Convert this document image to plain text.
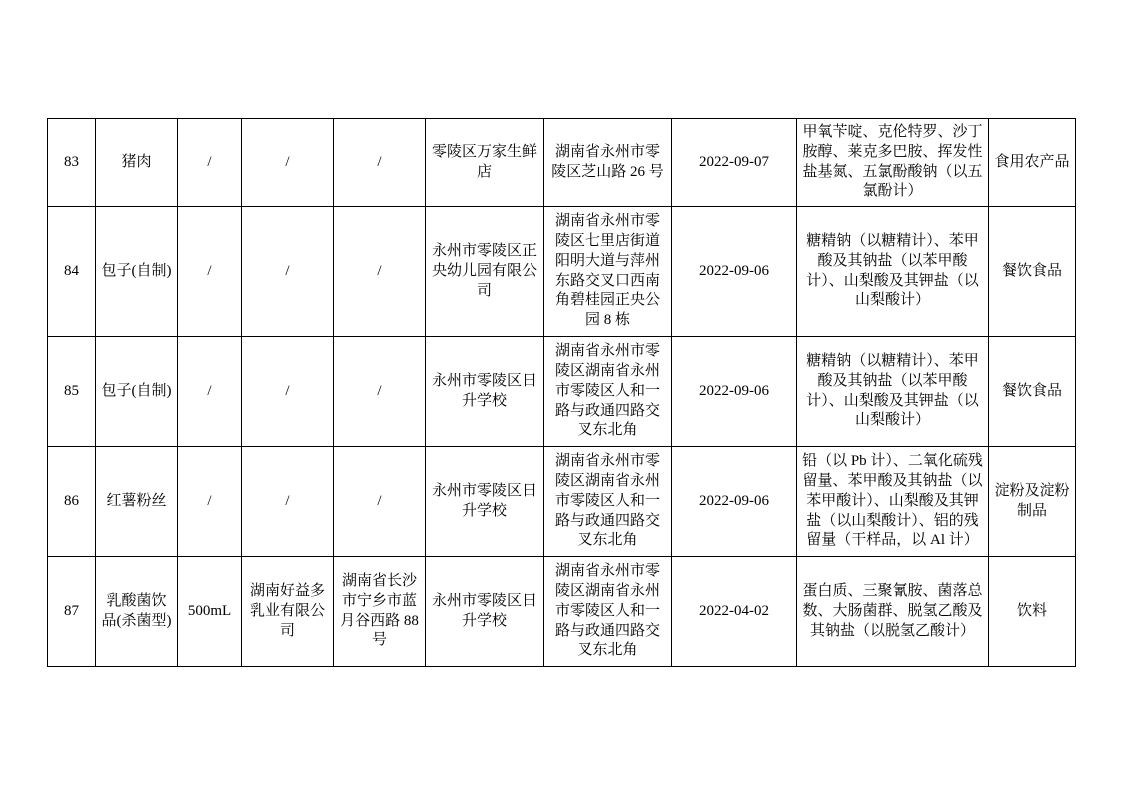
83	猪肉	/	/	/	零陵区万家生鲜店	湖南省永州市零陵区芝山路 26 号	2022-09-07	甲氧苄啶、克伦特罗、沙丁胺醇、莱克多巴胺、挥发性盐基氮、五氯酚酸钠（以五氯酚计）	食用农产品
84	包子(自制)	/	/	/	永州市零陵区正央幼儿园有限公司	湖南省永州市零陵区七里店街道阳明大道与萍州东路交叉口西南角碧桂园正央公园 8 栋	2022-09-06	糖精钠（以糖精计）、苯甲酸及其钠盐（以苯甲酸计）、山梨酸及其钾盐（以山梨酸计）	餐饮食品
85	包子(自制)	/	/	/	永州市零陵区日升学校	湖南省永州市零陵区湖南省永州市零陵区人和一路与政通四路交叉东北角	2022-09-06	糖精钠（以糖精计）、苯甲酸及其钠盐（以苯甲酸计）、山梨酸及其钾盐（以山梨酸计）	餐饮食品
86	红薯粉丝	/	/	/	永州市零陵区日升学校	湖南省永州市零陵区湖南省永州市零陵区人和一路与政通四路交叉东北角	2022-09-06	铅（以 Pb 计）、二氧化硫残留量、苯甲酸及其钠盐（以苯甲酸计）、山梨酸及其钾盐（以山梨酸计）、铝的残留量（干样品，以 Al 计）	淀粉及淀粉制品
87	乳酸菌饮品(杀菌型)	500mL	湖南好益多乳业有限公司	湖南省长沙市宁乡市蓝月谷西路 88 号	永州市零陵区日升学校	湖南省永州市零陵区湖南省永州市零陵区人和一路与政通四路交叉东北角	2022-04-02	蛋白质、三聚氰胺、菌落总数、大肠菌群、脱氢乙酸及其钠盐（以脱氢乙酸计）	饮料
